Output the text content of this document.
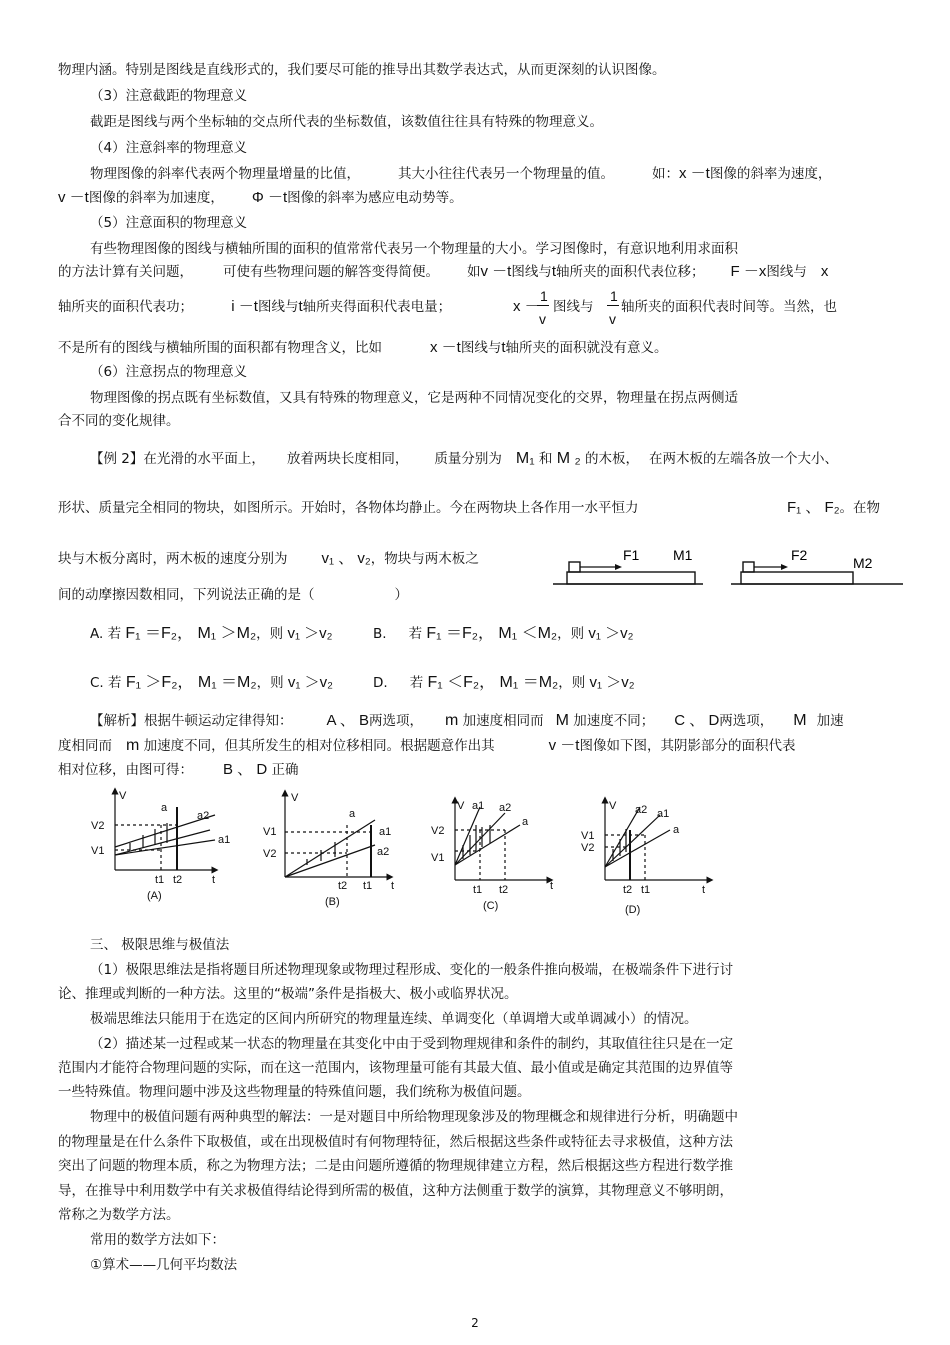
物理内涵。特别是图线是直线形式的，我们要尽可能的推导出其数学表达式，从而更深刻的认识图像。
（3）注意截距的物理意义
截距是图线与两个坐标轴的交点所代表的坐标数值，该数值往往具有特殊的物理意义。
（4）注意斜率的物理意义
物理图像的斜率代表两个物理量增量的比值，	其大小往往代表另一个物理量的值。	如：x －t图像的斜率为速度，
v －t图像的斜率为加速度， Φ －t图像的斜率为感应电动势等。
（5）注意面积的物理意义
有些物理图像的图线与横轴所围的面积的值常常代表另一个物理量的大小。学习图像时，有意识地利用求面积
的方法计算有关问题， 可使有些物理问题的解答变得简便。 如v －t图线与t轴所夹的面积代表位移； F －x图线与 x
轴所夹的面积代表功；	i －t图线与t轴所夹得面积代表电量；	x －
1
v
图线与
1
v
轴所夹的面积代表时间等。当然，也
不是所有的图线与横轴所围的面积都有物理含义，比如	x －t图线与t轴所夹的面积就没有意义。
（6）注意拐点的物理意义
物理图像的拐点既有坐标数值，又具有特殊的物理意义，它是两种不同情况变化的交界，物理量在拐点两侧适
合不同的变化规律。
【例 2】在光滑的水平面上， 放着两块长度相同， 质量分别为 M₁ 和 M ₂ 的木板， 在两木板的左端各放一个大小、
形状、质量完全相同的物块，如图所示。开始时，各物体均静止。今在两物块上各作用一水平恒力	F₁ 、 F₂。在物
块与木板分离时，两木板的速度分别为 v₁ 、 v₂，物块与两木板之
间的动摩擦因数相同，下列说法正确的是（	）
F1 M1	F2	M2
A. 若 F₁ ＝F₂， M₁ ＞M₂，则 v₁ ＞v₂	B. 若 F₁ ＝F₂， M₁ ＜M₂，则 v₁ ＞v₂
C. 若 F₁ ＞F₂， M₁ ＝M₂，则 v₁ ＞v₂	D. 若 F₁ ＜F₂， M₁ ＝M₂，则 v₁ ＞v₂
【解析】根据牛顿运动定律得知： A 、 B两选项， m 加速度相同而 M 加速度不同； C 、 D两选项， M 加速
度相同而 m 加速度不同，但其所发生的相对位移相同。根据题意作出其	v －t图像如下图，其阴影部分的面积代表
相对位移，由图可得： B 、 D 正确
V
V2
V1
a
a2
a1
t1 t2	t
(A)
V
V1
V2
a
a1
a2
t2 t1 t
(B)
V a1 a2
a
V2
V1
t1 t2	t
(C)
V a2 a1
a
V1
V2
t2 t1	t
(D)
三、 极限思维与极值法
（1）极限思维法是指将题目所述物理现象或物理过程形成、变化的一般条件推向极端，在极端条件下进行讨
论、推理或判断的一种方法。这里的“极端”条件是指极大、极小或临界状况。
极端思维法只能用于在选定的区间内所研究的物理量连续、单调变化（单调增大或单调减小）的情况。
（2）描述某一过程或某一状态的物理量在其变化中由于受到物理规律和条件的制约，其取值往往只是在一定
范围内才能符合物理问题的实际，而在这一范围内，该物理量可能有其最大值、最小值或是确定其范围的边界值等
一些特殊值。物理问题中涉及这些物理量的特殊值问题，我们统称为极值问题。
物理中的极值问题有两种典型的解法：一是对题目中所给物理现象涉及的物理概念和规律进行分析，明确题中
的物理量是在什么条件下取极值，或在出现极值时有何物理特征，然后根据这些条件或特征去寻求极值，这种方法
突出了问题的物理本质，称之为物理方法；二是由问题所遵循的物理规律建立方程，然后根据这些方程进行数学推
导，在推导中利用数学中有关求极值得结论得到所需的极值，这种方法侧重于数学的演算，其物理意义不够明朗，
常称之为数学方法。
常用的数学方法如下：
①算术——几何平均数法
2
